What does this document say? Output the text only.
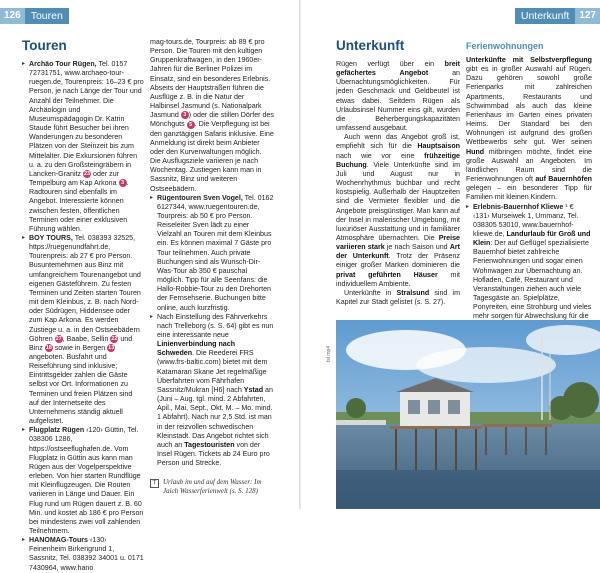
126 Touren
Touren

▸ Archäo Tour Rügen, Tel. 0157 72731751, www.archaeo-tour-ruegen.de, Tourenpreis: 16–23 € pro Person, je nach Länge der Tour und Anzahl der Teilnehmer. Die Archäologin und Museumspädagogin Dr. Katrin Staude führt Besucher bei ihren Wanderungen zu besonderen Plätzen von der Steinzeit bis zum Mittelalter. Die Exkursionen führen u. a. zu den Großsteingräbern in Lancken-Granitz 23 oder zur Tempelburg am Kap Arkona 3 . Radtouren sind ebenfalls im Angebot. Interessierte können zwischen festen, öffentlichen Terminen oder einer exklusiven Führung wählen.

▸ BOY TOURS, Tel. 038393 32525, https://ruegenundfahrt.de, Tourenpreis: ab 27 € pro Person. Busuntemehmen aus Binz mit umfangreichem Tourenangebot und eigenen Gästeführern. Zu festen Terminen und Zeiten starten Touren mit dem Kleinbus, z. B. nach Nord- oder Südrügen, Hiddensee oder zum Kap Arkona. Es werden Zustiege u. a. in den Ostseebädern Göhren 27, Baabe, Sellin 22 und Binz 18 sowie in Bergen 13 angeboten. Busfahrt und Reiseführung sind inklusive; Eintrittsgelder zahlen die Gäste selbst vor Ort. Informationen zu Terminen und freien Plätzen sind auf der Internetseite des Unternehmens ständig aktuell aufgelistet.

▸ Flugplatz Rügen ‹120› Güttin, Tel. 038306 1286, https://ostseeflughafen.de. Vom Flugplatz in Güttin aus kann man Rügen aus der Vogelperspektive erleben. Von hier starten Rundflüge mit Kleinflugzeugen. Die Routen variieren in Länge und Dauer. Ein Flug rund um Rügen dauert z. B. 60 Min. und kostet ab 186 € pro Person bei mindestens zwei voll zahlenden Teilnehmern.

▸ HANOMAG-Tours ‹130› Feinenheim Birkengrund 1, Sassnitz, Tel. 038392 34001 u. 0171 7430964, www.hano

mag-tours.de, Tourpreis: ab 89 € pro Person. Die Touren mit den kultigen Gruppenkraftwagen, in den 1960er-Jahren für die Berliner Polizei im Einsatz, sind ein besonderes Erlebnis. Abseits der Hauptstraßen führen die Ausflüge z. B. in die Natur der Halbinsel Jasmund (s. Nationalpark Jasmund 3 ) oder die stillen Dörfer des Mönchguts 5 . Die Verpflegung ist bei den ganztägigen Safaris inklusive. Eine Anmeldung ist direkt beim Anbieter oder den Kurverwaltungen möglich. Die Ausflugsziele variieren je nach Wochentag. Zustiegen kann man in Sassnitz, Binz und weiteren Ostseebädern.

▸ Rügentouren Sven Vogel, Tel. 0162 6127344, www.ruegentouren.de, Tourpreis: ab 50 € pro Person. Reiseleiter Sven lädt zu einer Vielzahl an Touren mit dem Kleinbus ein. Es können maximal 7 Gäste pro Tour teilnehmen. Auch private Buchungen sind als Wunsch-Dir-Was-Tour ab 350 € pauschal möglich. Tipp für alle Seenfans: die Hallo-Robbie-Tour zu den Drehorten der Fernsehserie. Buchungen bitte online, auch kurzfristig.

▸ Nach Einstellung des Fährverkehrs nach Trelleborg (s. S. 64) gibt es nun eine interessante neue Linienverbindung nach Schweden. Die Reederei FRS (www.frs-baltic.com) bietet mit dem Katamaran Skane Jet regelmäßige Überfahrten vom Fährhafen Sassnitz/Mukran [H6] nach Ystad an (Juni – Aug. tgl. mind. 2 Abfahrten, Apil., Mai, Sept., Okt. M. – Mo. mind. 1 Abfahrt). Nach nur 2,5 Std. ist man in der reizvollen schwedischen Kleinstadt. Das Angebot richtet sich auch an Tagestouristen von der Insel Rügen. Tickets ab 24 Euro pro Person und Strecke.

T Urlaub im und auf dem Wasser: Im Jaich Wasserferienwelt (s. S. 128)
Unterkunft	127
Unterkunft

Rügen verfügt über ein breit gefächertes Angebot an Übernachtungsmöglichkeiten. Für jeden Geschmack und Geldbeutel ist etwas dabei. Seitdem Rügen als Urlaubsinsel Nummer eins gilt, wurden die Beherbergungskapazitäten umfassend ausgebaut.

Auch wenn das Angebot groß ist, empfiehlt sich für die Hauptsaison nach wie vor eine frühzeitige Buchung. Viele Unterkünfte sind im Juli und August nur in Wochenrhythmus buchbar und recht kostspielig. Außerhalb der Hauptzeiten sind die Vermieter flexibler und die Angebote preisgünstiger. Man kann auf der Insel in malerischer Umgebung, mit luxuriöser Ausstattung und in familiärer Atmosphäre übernachten. Die Preise variieren stark je nach Saison und Art der Unterkunft. Trotz der Präsenz einiger großer Marken dominieren die privat geführten Häuser mit individuellem Ambiente.

Unterkünfte in Stralsund sind im Kapitel zur Stadt gelistet (s. S. 27).

Ferienwohnungen

Unterkünfte mit Selbstverpflegung gibt es in großer Auswahl auf Rügen. Dazu gehören sowohl große Ferienparks mit zahlreichen Apartments, Restaurants und Schwimmbad als auch das kleine Ferienhaus im Garten eines privaten Heims. Der Standard bei den Wohnungen ist aufgrund des großen Wettbewerbs sehr gut. Wer seinen Hund mitbringen möchte, findet eine große Auswahl an Angeboten. Im ländlichen Raum sind die Ferienwohnungen oft auf Bauernhöfen gelegen – ein besonderer Tipp für Familien mit kleinen Kindern.

▸ Erlebnis-Bauernhof Kliewe ¹ € ‹131› Murseiwek 1, Ummanz, Tel. 038305 53010, www.bauernhof-kliewe.de, Landurlaub für Groß und Klein: Der auf Geflügel spezialisierte Bauernhof bietet zahlreiche Ferienwohnungen und sogar einen Wohnwagen zur Übernachtung an. Hofladen, Café, Restaurant und Veranstaltungen ziehen auch viele Tagesgäste an. Spielplätze, Ponyreiten, eine Strohburg und vieles mehr sorgen für Abwechslung für die

tsl.mp4
